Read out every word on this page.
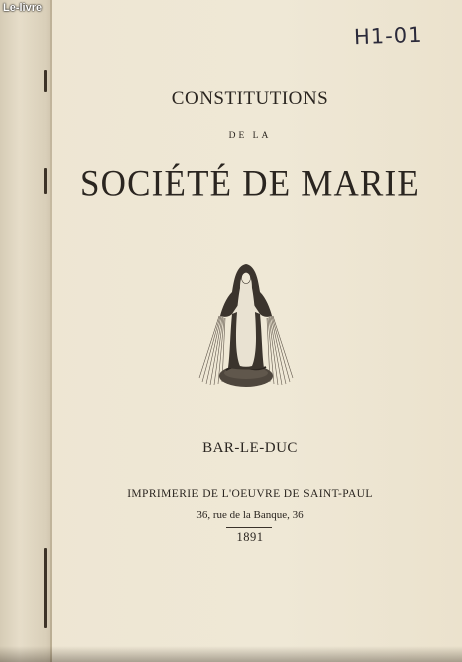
Le-livre
H1-01
CONSTITUTIONS
DE LA
SOCIÉTÉ DE MARIE
BAR-LE-DUC
IMPRIMERIE DE L'OEUVRE DE SAINT-PAUL
36, rue de la Banque, 36
1891
